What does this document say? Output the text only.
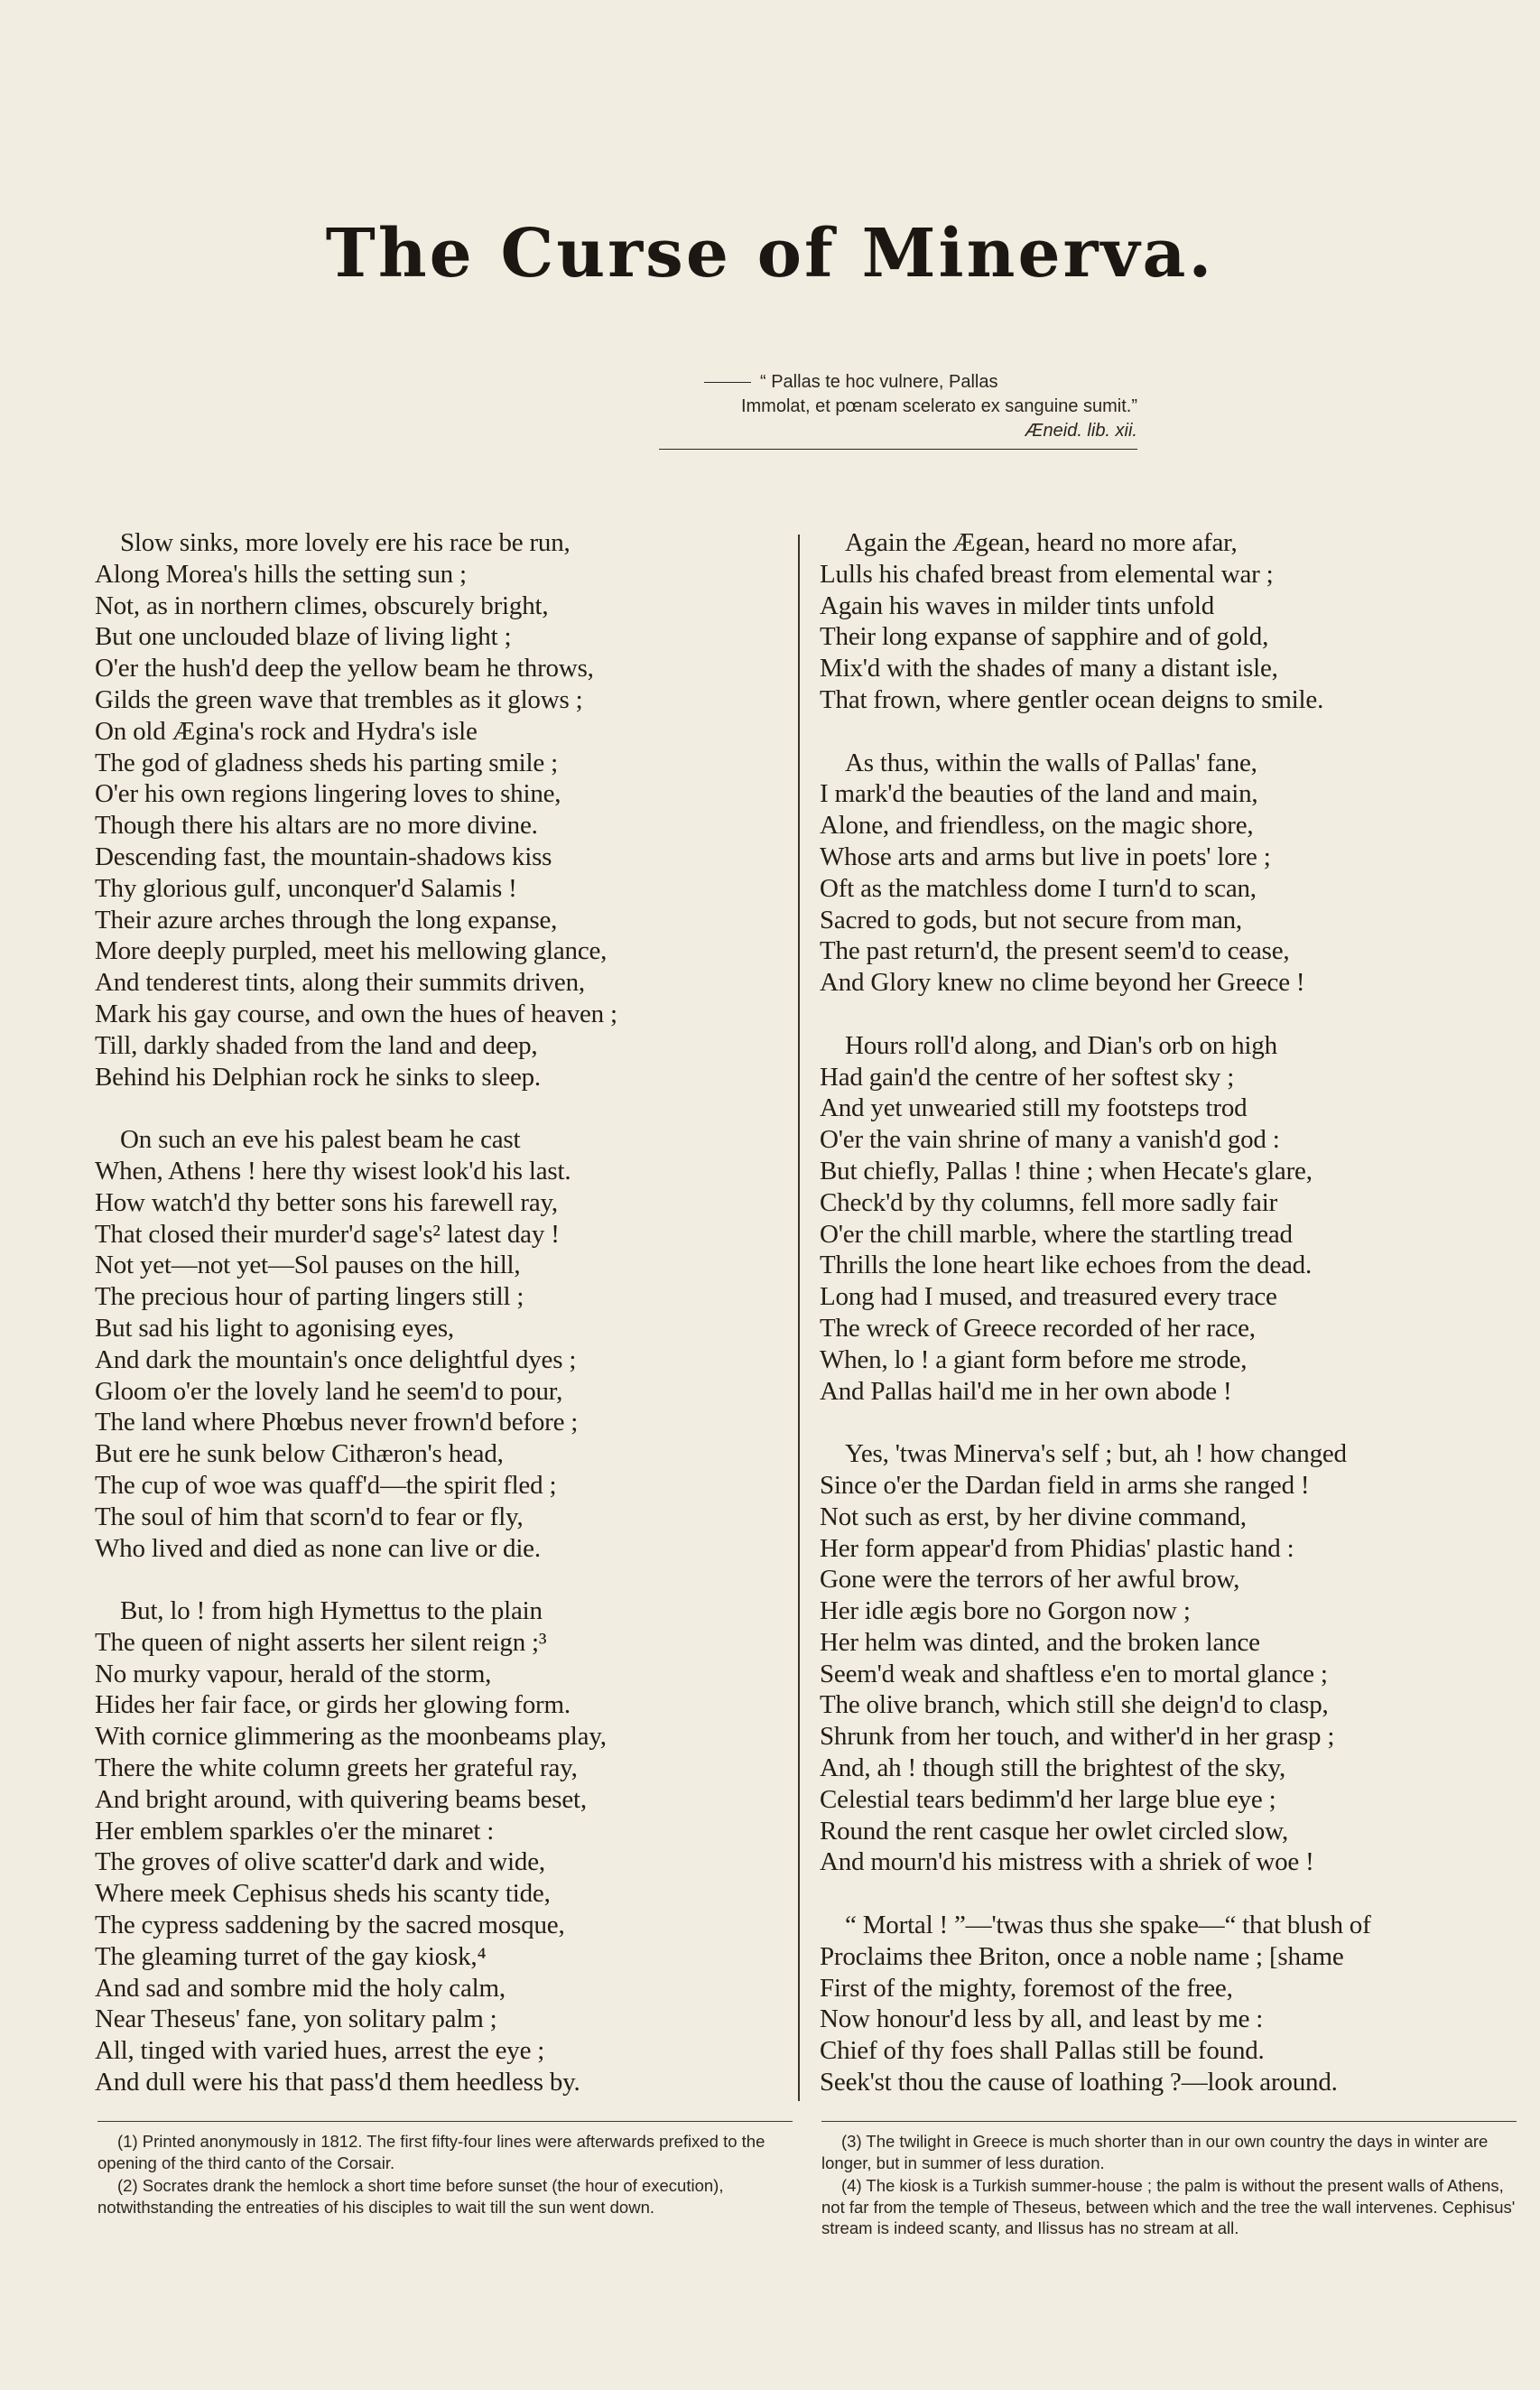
The Curse of Minerva.
“ Pallas te hoc vulnere, Pallas
Immolat, et pœnam scelerato ex sanguine sumit.”
Æneid. lib. xii.
Slow sinks, more lovely ere his race be run,
Along Morea's hills the setting sun ;
Not, as in northern climes, obscurely bright,
But one unclouded blaze of living light ;
O'er the hush'd deep the yellow beam he throws,
Gilds the green wave that trembles as it glows ;
On old Ægina's rock and Hydra's isle
The god of gladness sheds his parting smile ;
O'er his own regions lingering loves to shine,
Though there his altars are no more divine.
Descending fast, the mountain-shadows kiss
Thy glorious gulf, unconquer'd Salamis !
Their azure arches through the long expanse,
More deeply purpled, meet his mellowing glance,
And tenderest tints, along their summits driven,
Mark his gay course, and own the hues of heaven ;
Till, darkly shaded from the land and deep,
Behind his Delphian rock he sinks to sleep.
On such an eve his palest beam he cast
When, Athens ! here thy wisest look'd his last.
How watch'd thy better sons his farewell ray,
That closed their murder'd sage's² latest day !
Not yet—not yet—Sol pauses on the hill,
The precious hour of parting lingers still ;
But sad his light to agonising eyes,
And dark the mountain's once delightful dyes ;
Gloom o'er the lovely land he seem'd to pour,
The land where Phœbus never frown'd before ;
But ere he sunk below Cithæron's head,
The cup of woe was quaff'd—the spirit fled ;
The soul of him that scorn'd to fear or fly,
Who lived and died as none can live or die.
But, lo ! from high Hymettus to the plain
The queen of night asserts her silent reign ;³
No murky vapour, herald of the storm,
Hides her fair face, or girds her glowing form.
With cornice glimmering as the moonbeams play,
There the white column greets her grateful ray,
And bright around, with quivering beams beset,
Her emblem sparkles o'er the minaret :
The groves of olive scatter'd dark and wide,
Where meek Cephisus sheds his scanty tide,
The cypress saddening by the sacred mosque,
The gleaming turret of the gay kiosk,⁴
And sad and sombre mid the holy calm,
Near Theseus' fane, yon solitary palm ;
All, tinged with varied hues, arrest the eye ;
And dull were his that pass'd them heedless by.
Again the Ægean, heard no more afar,
Lulls his chafed breast from elemental war ;
Again his waves in milder tints unfold
Their long expanse of sapphire and of gold,
Mix'd with the shades of many a distant isle,
That frown, where gentler ocean deigns to smile.
As thus, within the walls of Pallas' fane,
I mark'd the beauties of the land and main,
Alone, and friendless, on the magic shore,
Whose arts and arms but live in poets' lore ;
Oft as the matchless dome I turn'd to scan,
Sacred to gods, but not secure from man,
The past return'd, the present seem'd to cease,
And Glory knew no clime beyond her Greece !
Hours roll'd along, and Dian's orb on high
Had gain'd the centre of her softest sky ;
And yet unwearied still my footsteps trod
O'er the vain shrine of many a vanish'd god :
But chiefly, Pallas ! thine ; when Hecate's glare,
Check'd by thy columns, fell more sadly fair
O'er the chill marble, where the startling tread
Thrills the lone heart like echoes from the dead.
Long had I mused, and treasured every trace
The wreck of Greece recorded of her race,
When, lo ! a giant form before me strode,
And Pallas hail'd me in her own abode !
Yes, 'twas Minerva's self ; but, ah ! how changed
Since o'er the Dardan field in arms she ranged !
Not such as erst, by her divine command,
Her form appear'd from Phidias' plastic hand :
Gone were the terrors of her awful brow,
Her idle ægis bore no Gorgon now ;
Her helm was dinted, and the broken lance
Seem'd weak and shaftless e'en to mortal glance ;
The olive branch, which still she deign'd to clasp,
Shrunk from her touch, and wither'd in her grasp ;
And, ah ! though still the brightest of the sky,
Celestial tears bedimm'd her large blue eye ;
Round the rent casque her owlet circled slow,
And mourn'd his mistress with a shriek of woe !
“ Mortal ! ”—'twas thus she spake—“ that blush of
Proclaims thee Briton, once a noble name ; [shame
First of the mighty, foremost of the free,
Now honour'd less by all, and least by me :
Chief of thy foes shall Pallas still be found.
Seek'st thou the cause of loathing ?—look around.
(1) Printed anonymously in 1812. The first fifty-four lines were afterwards prefixed to the opening of the third canto of the Corsair.
(2) Socrates drank the hemlock a short time before sunset (the hour of execution), notwithstanding the entreaties of his disciples to wait till the sun went down.
(3) The twilight in Greece is much shorter than in our own country the days in winter are longer, but in summer of less duration.
(4) The kiosk is a Turkish summer-house ; the palm is without the present walls of Athens, not far from the temple of Theseus, between which and the tree the wall intervenes. Cephisus' stream is indeed scanty, and Ilissus has no stream at all.
